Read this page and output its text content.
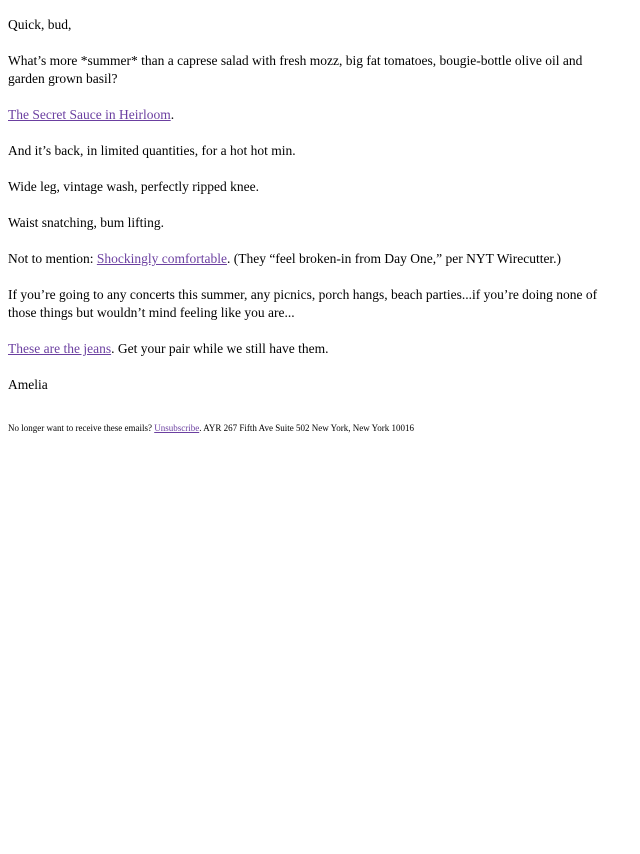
Quick, bud,

What’s more *summer* than a caprese salad with fresh mozz, big fat tomatoes, bougie-bottle olive oil and garden grown basil?

The Secret Sauce in Heirloom.

And it’s back, in limited quantities, for a hot hot min.

Wide leg, vintage wash, perfectly ripped knee.

Waist snatching, bum lifting.

Not to mention: Shockingly comfortable. (They “feel broken-in from Day One,” per NYT Wirecutter.)

If you’re going to any concerts this summer, any picnics, porch hangs, beach parties...if you’re doing none of those things but wouldn’t mind feeling like you are...

These are the jeans. Get your pair while we still have them.

Amelia

No longer want to receive these emails? Unsubscribe. AYR 267 Fifth Ave Suite 502 New York, New York 10016
